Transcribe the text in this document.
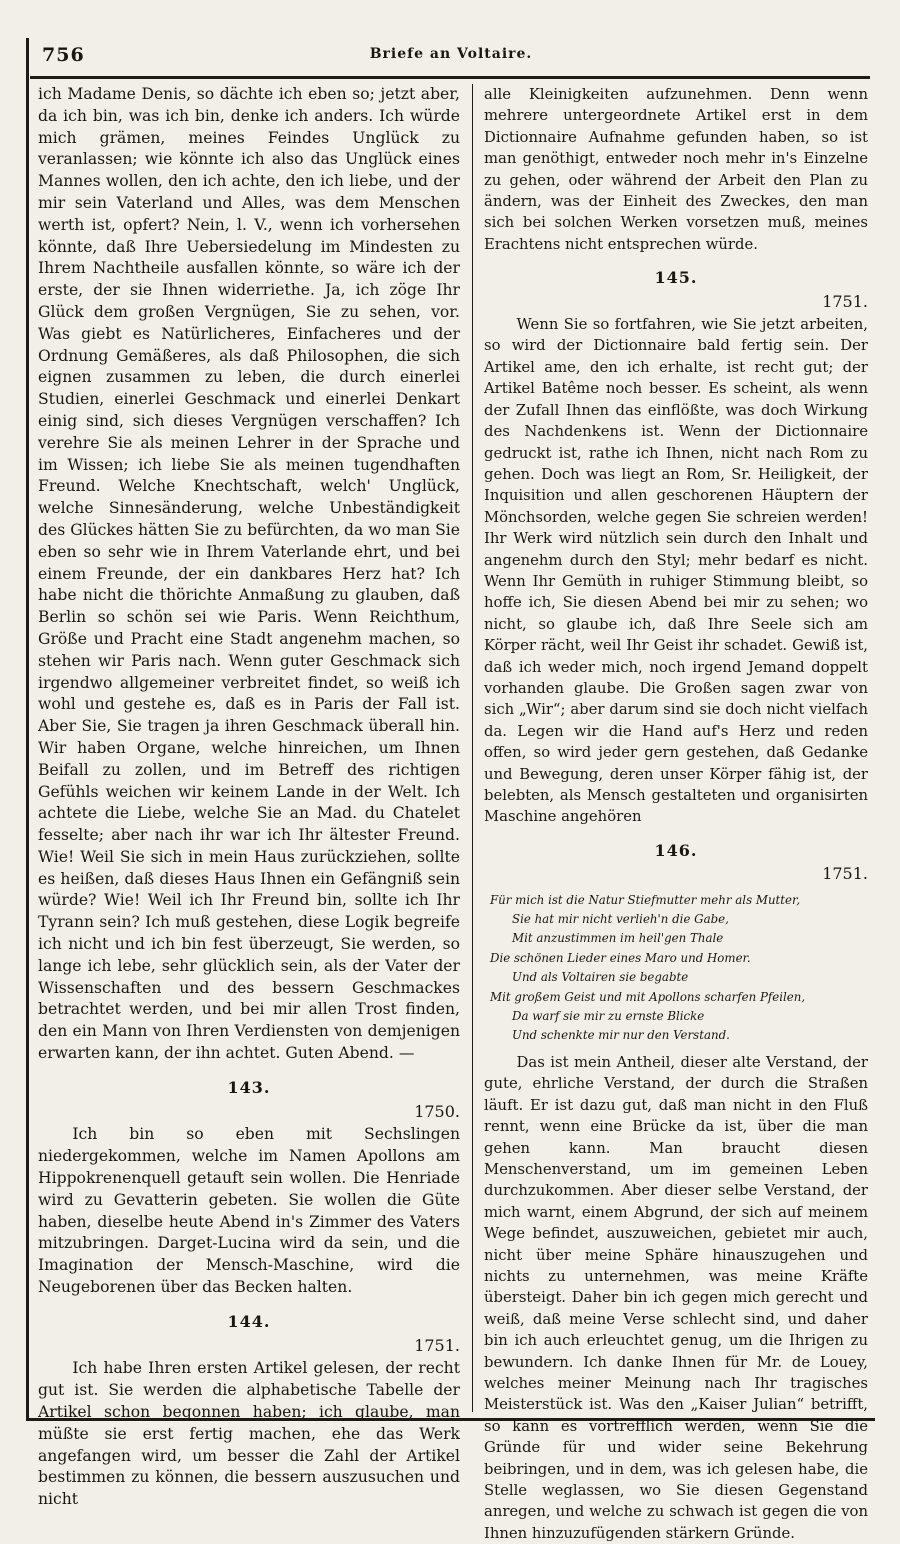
756	Briefe an Voltaire.

ich Madame Denis, so dächte ich eben so; jetzt aber, da ich bin, was ich bin, denke ich anders. Ich würde mich grämen, meines Feindes Unglück zu veranlassen; wie könnte ich also das Unglück eines Mannes wollen, den ich achte, den ich liebe, und der mir sein Vaterland und Alles, was dem Menschen werth ist, opfert? Nein, l. V., wenn ich vorhersehen könnte, daß Ihre Uebersiedelung im Mindesten zu Ihrem Nachtheile ausfallen könnte, so wäre ich der erste, der sie Ihnen widerriethe. Ja, ich zöge Ihr Glück dem großen Vergnügen, Sie zu sehen, vor. Was giebt es Natürlicheres, Einfacheres und der Ordnung Gemäßeres, als daß Philosophen, die sich eignen zusammen zu leben, die durch einerlei Studien, einerlei Geschmack und einerlei Denkart einig sind, sich dieses Vergnügen verschaffen? Ich verehre Sie als meinen Lehrer in der Sprache und im Wissen; ich liebe Sie als meinen tugendhaften Freund. Welche Knechtschaft, welch' Unglück, welche Sinnesänderung, welche Unbeständigkeit des Glückes hätten Sie zu befürchten, da wo man Sie eben so sehr wie in Ihrem Vaterlande ehrt, und bei einem Freunde, der ein dankbares Herz hat? Ich habe nicht die thörichte Anmaßung zu glauben, daß Berlin so schön sei wie Paris. Wenn Reichthum, Größe und Pracht eine Stadt angenehm machen, so stehen wir Paris nach. Wenn guter Geschmack sich irgendwo allgemeiner verbreitet findet, so weiß ich wohl und gestehe es, daß es in Paris der Fall ist. Aber Sie, Sie tragen ja ihren Geschmack überall hin. Wir haben Organe, welche hinreichen, um Ihnen Beifall zu zollen, und im Betreff des richtigen Gefühls weichen wir keinem Lande in der Welt. Ich achtete die Liebe, welche Sie an Mad. du Chatelet fesselte; aber nach ihr war ich Ihr ältester Freund. Wie! Weil Sie sich in mein Haus zurückziehen, sollte es heißen, daß dieses Haus Ihnen ein Gefängniß sein würde? Wie! Weil ich Ihr Freund bin, sollte ich Ihr Tyrann sein? Ich muß gestehen, diese Logik begreife ich nicht und ich bin fest überzeugt, Sie werden, so lange ich lebe, sehr glücklich sein, als der Vater der Wissenschaften und des bessern Geschmackes betrachtet werden, und bei mir allen Trost finden, den ein Mann von Ihren Verdiensten von demjenigen erwarten kann, der ihn achtet. Guten Abend. —

143.
1750.

Ich bin so eben mit Sechslingen niedergekommen, welche im Namen Apollons am Hippokrenenquell getauft sein wollen. Die Henriade wird zu Gevatterin gebeten. Sie wollen die Güte haben, dieselbe heute Abend in's Zimmer des Vaters mitzubringen. Darget-Lucina wird da sein, und die Imagination der Mensch-Maschine, wird die Neugeborenen über das Becken halten.

144.
1751.

Ich habe Ihren ersten Artikel gelesen, der recht gut ist. Sie werden die alphabetische Tabelle der Artikel schon begonnen haben; ich glaube, man müßte sie erst fertig machen, ehe das Werk angefangen wird, um besser die Zahl der Artikel bestimmen zu können, die bessern auszusuchen und nicht

alle Kleinigkeiten aufzunehmen. Denn wenn mehrere untergeordnete Artikel erst in dem Dictionnaire Aufnahme gefunden haben, so ist man genöthigt, entweder noch mehr in's Einzelne zu gehen, oder während der Arbeit den Plan zu ändern, was der Einheit des Zweckes, den man sich bei solchen Werken vorsetzen muß, meines Erachtens nicht entsprechen würde.

145.
1751.

Wenn Sie so fortfahren, wie Sie jetzt arbeiten, so wird der Dictionnaire bald fertig sein. Der Artikel ame, den ich erhalte, ist recht gut; der Artikel Batême noch besser. Es scheint, als wenn der Zufall Ihnen das einflößte, was doch Wirkung des Nachdenkens ist. Wenn der Dictionnaire gedruckt ist, rathe ich Ihnen, nicht nach Rom zu gehen. Doch was liegt an Rom, Sr. Heiligkeit, der Inquisition und allen geschorenen Häuptern der Mönchsorden, welche gegen Sie schreien werden! Ihr Werk wird nützlich sein durch den Inhalt und angenehm durch den Styl; mehr bedarf es nicht. Wenn Ihr Gemüth in ruhiger Stimmung bleibt, so hoffe ich, Sie diesen Abend bei mir zu sehen; wo nicht, so glaube ich, daß Ihre Seele sich am Körper rächt, weil Ihr Geist ihr schadet. Gewiß ist, daß ich weder mich, noch irgend Jemand doppelt vorhanden glaube. Die Großen sagen zwar von sich „Wir“; aber darum sind sie doch nicht vielfach da. Legen wir die Hand auf's Herz und reden offen, so wird jeder gern gestehen, daß Gedanke und Bewegung, deren unser Körper fähig ist, der belebten, als Mensch gestalteten und organisirten Maschine angehören

146.
1751.
Für mich ist die Natur Stiefmutter mehr als Mutter,
Sie hat mir nicht verlieh'n die Gabe,
Mit anzustimmen im heil'gen Thale
Die schönen Lieder eines Maro und Homer.
Und als Voltairen sie begabte
Mit großem Geist und mit Apollons scharfen Pfeilen,
Da warf sie mir zu ernste Blicke
Und schenkte mir nur den Verstand.

Das ist mein Antheil, dieser alte Verstand, der gute, ehrliche Verstand, der durch die Straßen läuft. Er ist dazu gut, daß man nicht in den Fluß rennt, wenn eine Brücke da ist, über die man gehen kann. Man braucht diesen Menschenverstand, um im gemeinen Leben durchzukommen. Aber dieser selbe Verstand, der mich warnt, einem Abgrund, der sich auf meinem Wege befindet, auszuweichen, gebietet mir auch, nicht über meine Sphäre hinauszugehen und nichts zu unternehmen, was meine Kräfte übersteigt. Daher bin ich gegen mich gerecht und weiß, daß meine Verse schlecht sind, und daher bin ich auch erleuchtet genug, um die Ihrigen zu bewundern. Ich danke Ihnen für Mr. de Louey, welches meiner Meinung nach Ihr tragisches Meisterstück ist. Was den „Kaiser Julian“ betrifft, so kann es vortrefflich werden, wenn Sie die Gründe für und wider seine Bekehrung beibringen, und in dem, was ich gelesen habe, die Stelle weglassen, wo Sie diesen Gegenstand anregen, und welche zu schwach ist gegen die von Ihnen hinzuzufügenden stärkern Gründe.
